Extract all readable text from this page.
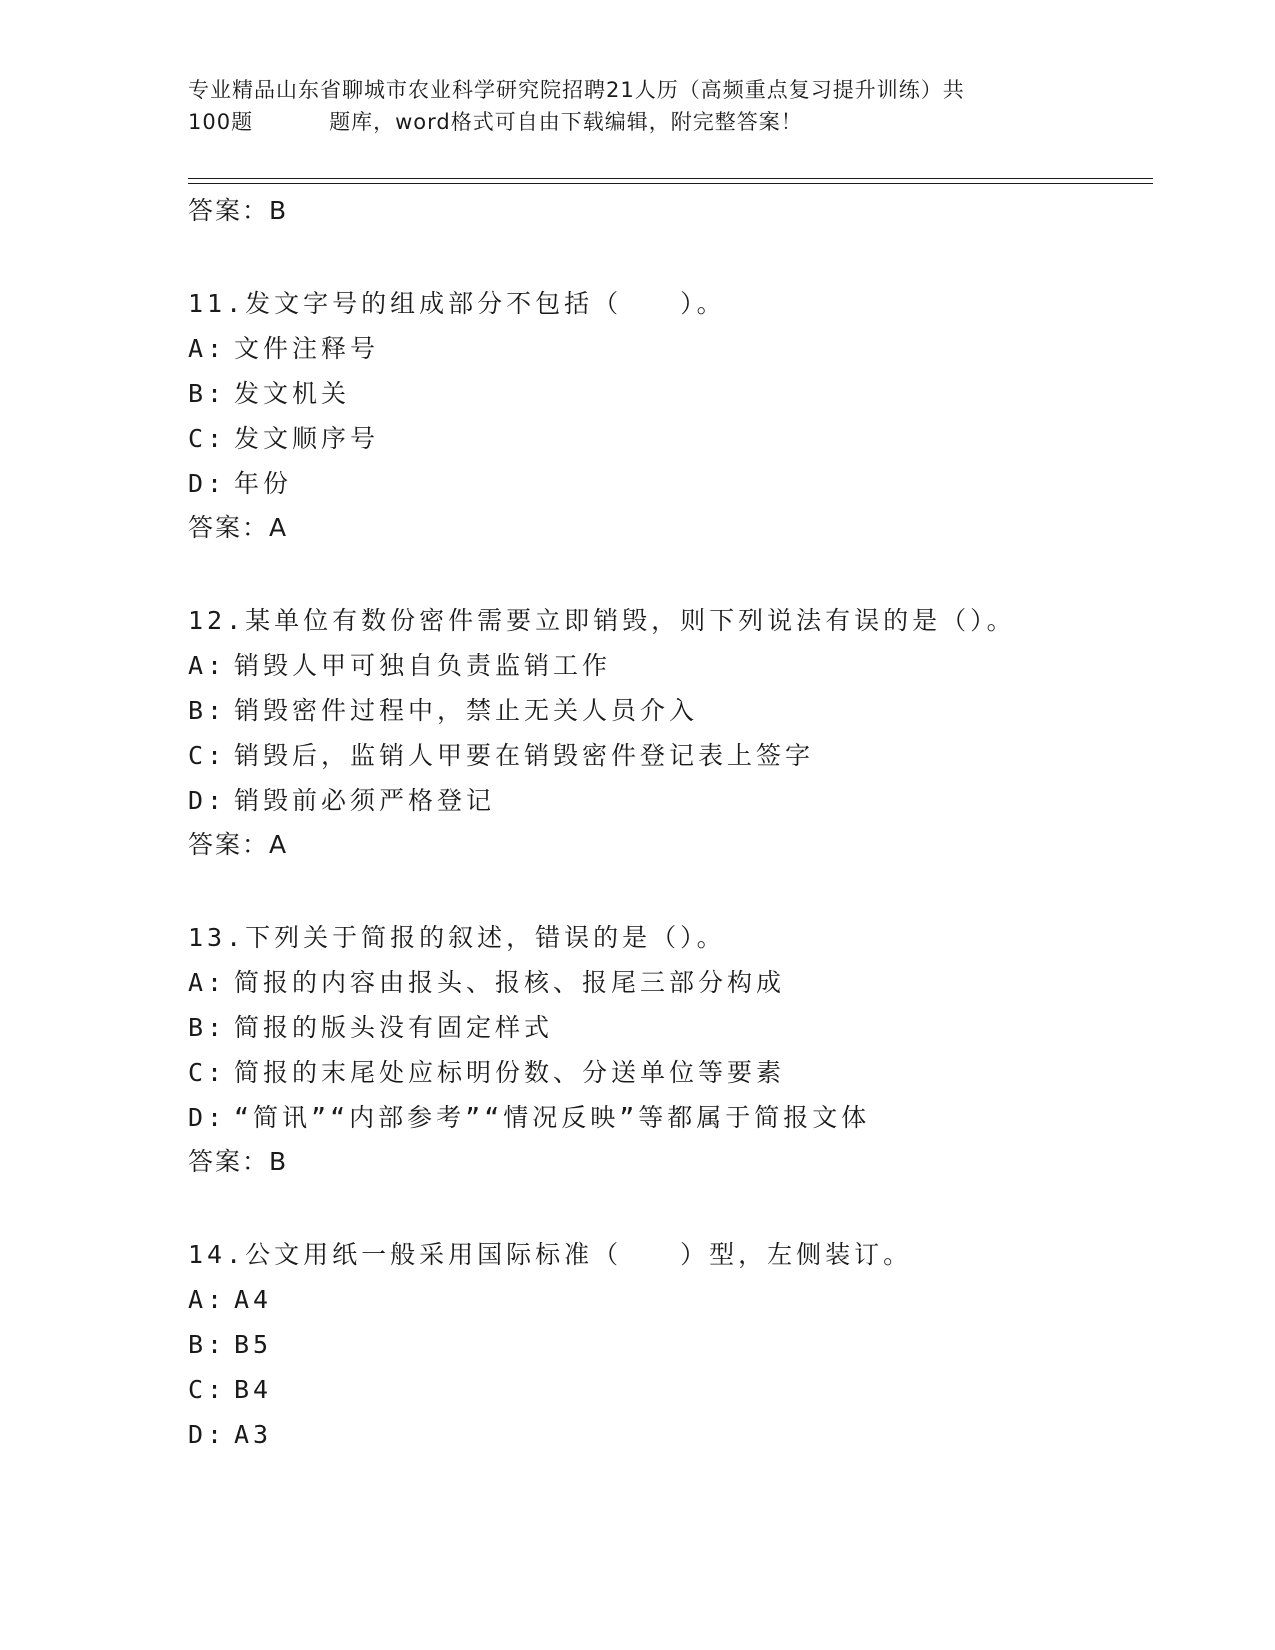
专业精品山东省聊城市农业科学研究院招聘21人历（高频重点复习提升训练）共
100题	题库，word格式可自由下载编辑，附完整答案！
答案：B
11.发文字号的组成部分不包括（　　）。
A: 文件注释号
B: 发文机关
C: 发文顺序号
D: 年份
答案：A
12.某单位有数份密件需要立即销毁，则下列说法有误的是（）。
A: 销毁人甲可独自负责监销工作
B: 销毁密件过程中，禁止无关人员介入
C: 销毁后，监销人甲要在销毁密件登记表上签字
D: 销毁前必须严格登记
答案：A
13.下列关于简报的叙述，错误的是（）。
A: 简报的内容由报头、报核、报尾三部分构成
B: 简报的版头没有固定样式
C: 简报的末尾处应标明份数、分送单位等要素
D: “简讯”“内部参考”“情况反映”等都属于简报文体
答案：B
14.公文用纸一般采用国际标准（　　）型，左侧装订。
A: A4
B: B5
C: B4
D: A3
